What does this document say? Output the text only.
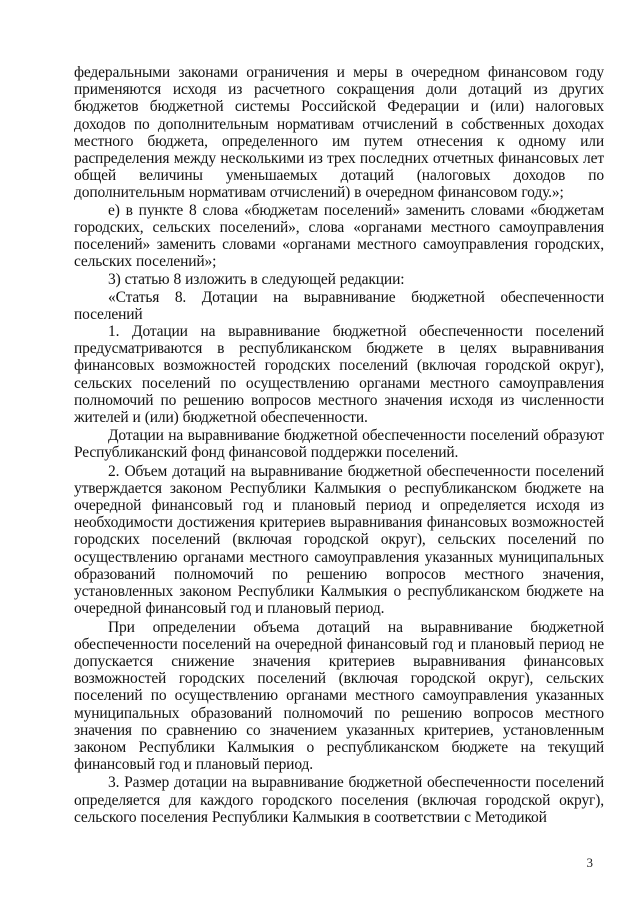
федеральными законами ограничения и меры в очередном финансовом году применяются исходя из расчетного сокращения доли дотаций из других бюджетов бюджетной системы Российской Федерации и (или) налоговых доходов по дополнительным нормативам отчислений в собственных доходах местного бюджета, определенного им путем отнесения к одному или распределения между несколькими из трех последних отчетных финансовых лет общей величины уменьшаемых дотаций (налоговых доходов по дополнительным нормативам отчислений) в очередном финансовом году.»;

е) в пункте 8 слова «бюджетам поселений» заменить словами «бюджетам городских, сельских поселений», слова «органами местного самоуправления поселений» заменить словами «органами местного самоуправления городских, сельских поселений»;

3) статью 8 изложить в следующей редакции:

«Статья 8. Дотации на выравнивание бюджетной обеспеченности поселений

1. Дотации на выравнивание бюджетной обеспеченности поселений предусматриваются в республиканском бюджете в целях выравнивания финансовых возможностей городских поселений (включая городской округ), сельских поселений по осуществлению органами местного самоуправления полномочий по решению вопросов местного значения исходя из численности жителей и (или) бюджетной обеспеченности.

Дотации на выравнивание бюджетной обеспеченности поселений образуют Республиканский фонд финансовой поддержки поселений.

2. Объем дотаций на выравнивание бюджетной обеспеченности поселений утверждается законом Республики Калмыкия о республиканском бюджете на очередной финансовый год и плановый период и определяется исходя из необходимости достижения критериев выравнивания финансовых возможностей городских поселений (включая городской округ), сельских поселений по осуществлению органами местного самоуправления указанных муниципальных образований полномочий по решению вопросов местного значения, установленных законом Республики Калмыкия о республиканском бюджете на очередной финансовый год и плановый период.

При определении объема дотаций на выравнивание бюджетной обеспеченности поселений на очередной финансовый год и плановый период не допускается снижение значения критериев выравнивания финансовых возможностей городских поселений (включая городской округ), сельских поселений по осуществлению органами местного самоуправления указанных муниципальных образований полномочий по решению вопросов местного значения по сравнению со значением указанных критериев, установленным законом Республики Калмыкия о республиканском бюджете на текущий финансовый год и плановый период.

3. Размер дотации на выравнивание бюджетной обеспеченности поселений определяется для каждого городского поселения (включая городской округ), сельского поселения Республики Калмыкия в соответствии с Методикой

3
